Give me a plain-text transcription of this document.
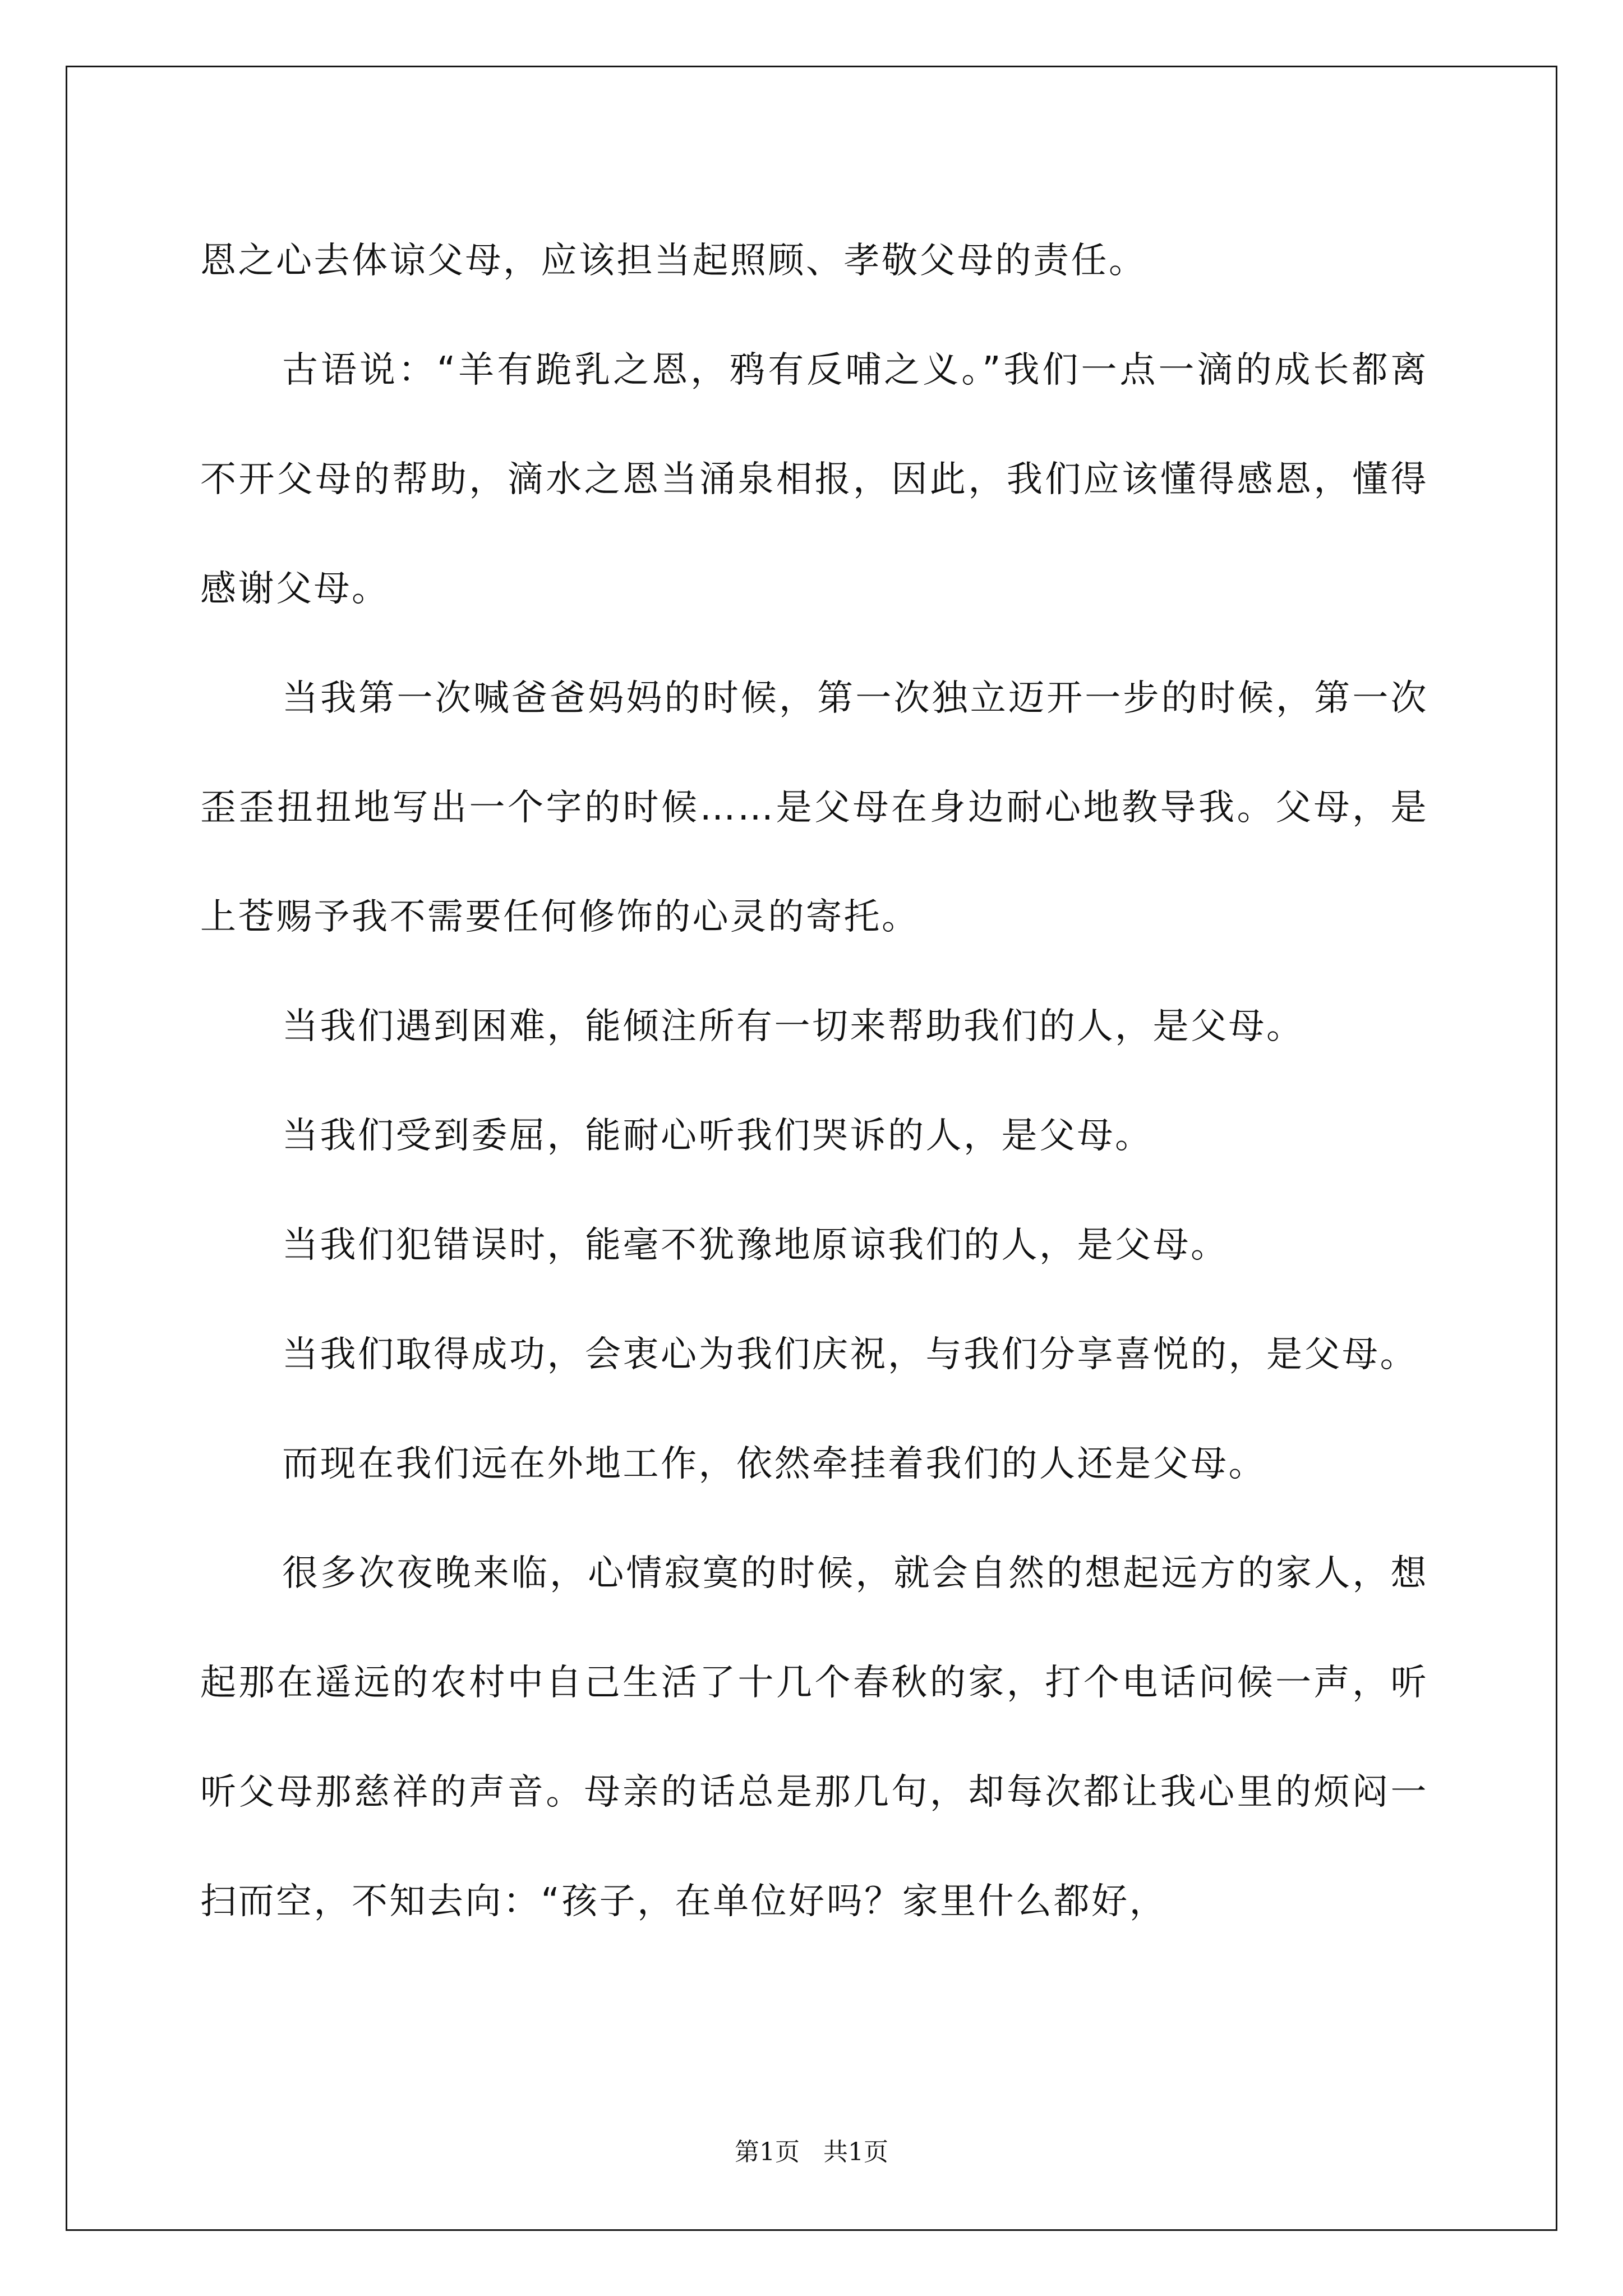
恩之心去体谅父母，应该担当起照顾、孝敬父母的责任。

古语说：“羊有跪乳之恩，鸦有反哺之义。”我们一点一滴的成长都离不开父母的帮助，滴水之恩当涌泉相报，因此，我们应该懂得感恩，懂得感谢父母。

当我第一次喊爸爸妈妈的时候，第一次独立迈开一步的时候，第一次歪歪扭扭地写出一个字的时候……是父母在身边耐心地教导我。父母，是上苍赐予我不需要任何修饰的心灵的寄托。

当我们遇到困难，能倾注所有一切来帮助我们的人，是父母。

当我们受到委屈，能耐心听我们哭诉的人，是父母。

当我们犯错误时，能毫不犹豫地原谅我们的人，是父母。

当我们取得成功，会衷心为我们庆祝，与我们分享喜悦的，是父母。

而现在我们远在外地工作，依然牵挂着我们的人还是父母。

很多次夜晚来临，心情寂寞的时候，就会自然的想起远方的家人，想起那在遥远的农村中自己生活了十几个春秋的家，打个电话问候一声，听听父母那慈祥的声音。母亲的话总是那几句，却每次都让我心里的烦闷一扫而空，不知去向：“孩子，在单位好吗？家里什么都好，

第1页   共1页
